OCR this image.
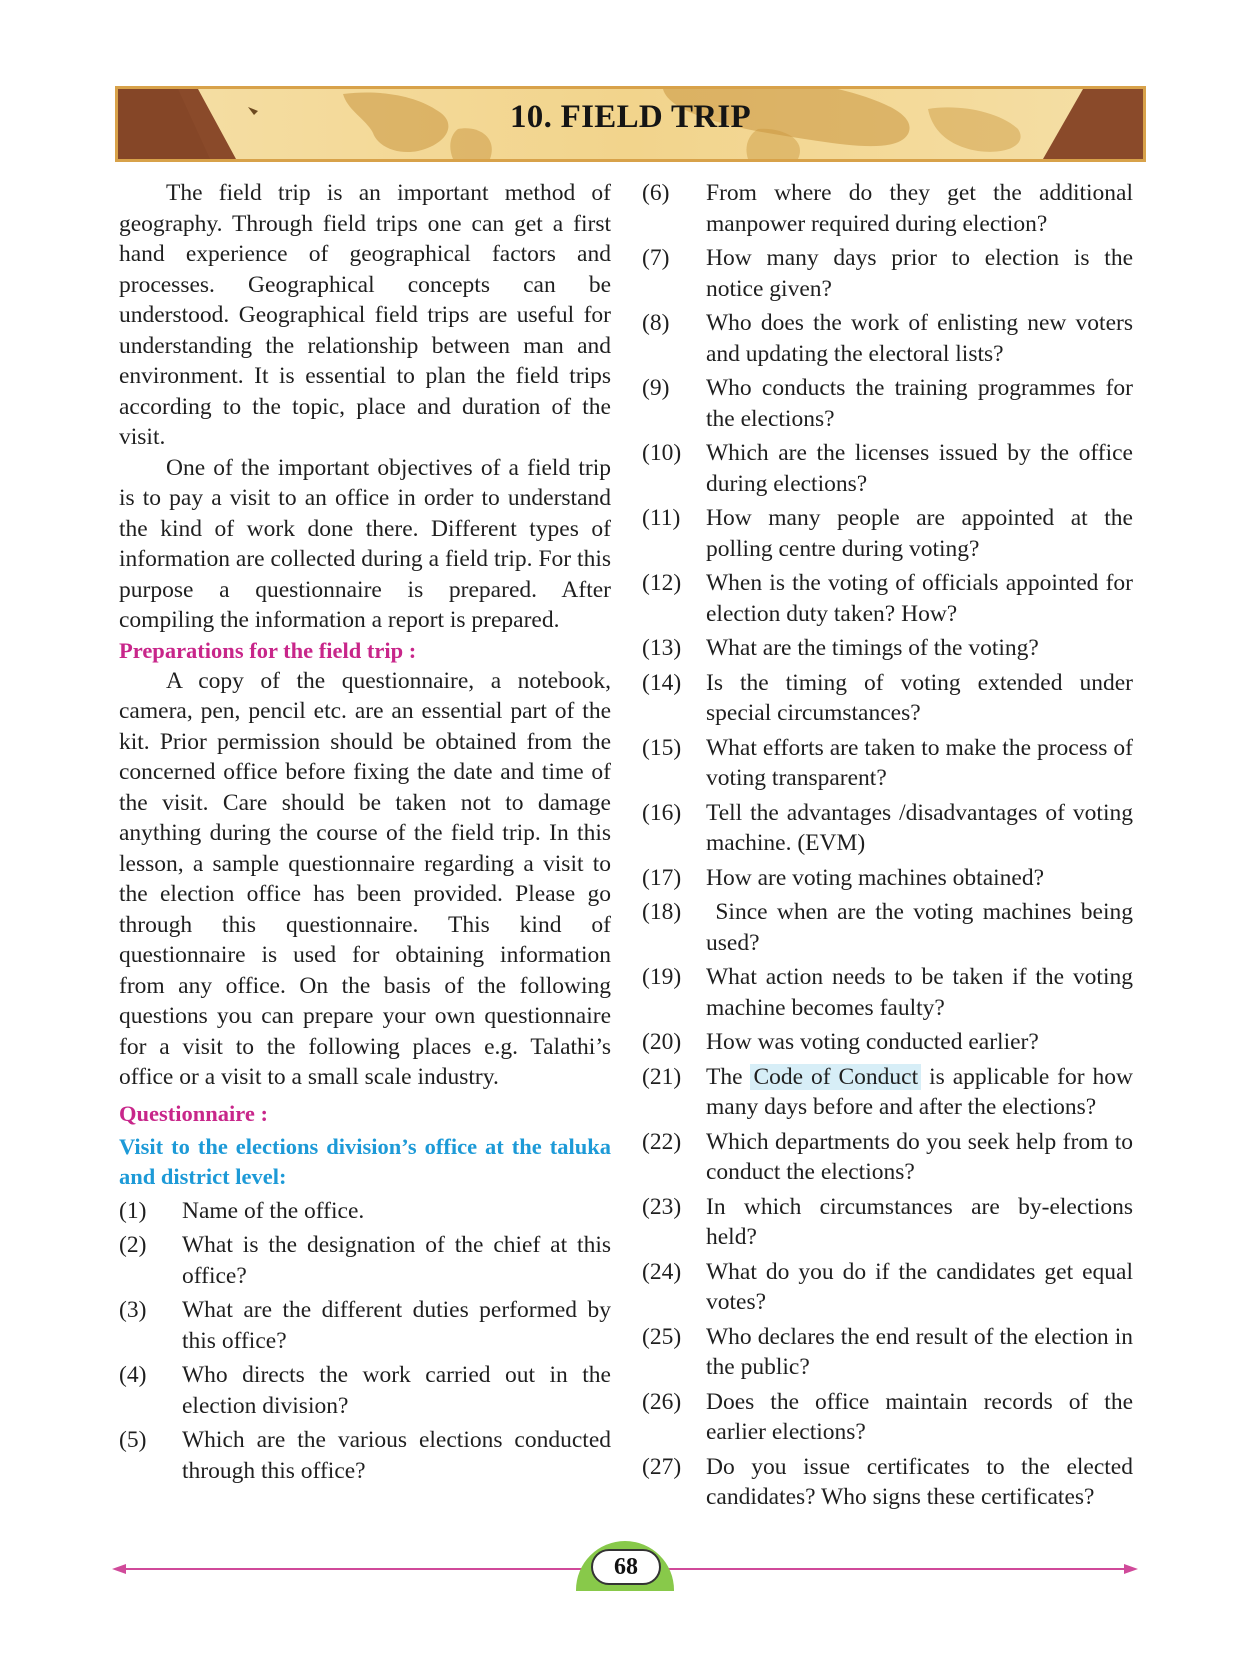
10. FIELD TRIP

The field trip is an important method of geography. Through field trips one can get a first hand experience of geographical factors and processes. Geographical concepts can be understood. Geographical field trips are useful for understanding the relationship between man and environment. It is essential to plan the field trips according to the topic, place and duration of the visit.

One of the important objectives of a field trip is to pay a visit to an office in order to understand the kind of work done there. Different types of information are collected during a field trip. For this purpose a questionnaire is prepared. After compiling the information a report is prepared.

Preparations for the field trip :

A copy of the questionnaire, a notebook, camera, pen, pencil etc. are an essential part of the kit. Prior permission should be obtained from the concerned office before fixing the date and time of the visit. Care should be taken not to damage anything during the course of the field trip. In this lesson, a sample questionnaire regarding a visit to the election office has been provided. Please go through this questionnaire. This kind of questionnaire is used for obtaining information from any office. On the basis of the following questions you can prepare your own questionnaire for a visit to the following places e.g. Talathi’s office or a visit to a small scale industry.

Questionnaire :
Visit to the elections division’s office at the taluka and district level:
(1)	Name of the office.
(2)	What is the designation of the chief at this office?
(3)	What are the different duties performed by this office?
(4)	Who directs the work carried out in the election division?
(5)	Which are the various elections conducted through this office?
(6)	From where do they get the additional manpower required during election?
(7)	How many days prior to election is the notice given?
(8)	Who does the work of enlisting new voters and updating the electoral lists?
(9)	Who conducts the training programmes for the elections?
(10)	Which are the licenses issued by the office during elections?
(11)	How many people are appointed at the polling centre during voting?
(12)	When is the voting of officials appointed for election duty taken? How?
(13)	What are the timings of the voting?
(14)	Is the timing of voting extended under special circumstances?
(15)	What efforts are taken to make the process of voting transparent?
(16)	Tell the advantages /disadvantages of voting machine. (EVM)
(17)	How are voting machines obtained?
(18)	Since when are the voting machines being used?
(19)	What action needs to be taken if the voting machine becomes faulty?
(20)	How was voting conducted earlier?
(21)	The Code of Conduct is applicable for how many days before and after the elections?
(22)	Which departments do you seek help from to conduct the elections?
(23)	In which circumstances are by-elections held?
(24)	What do you do if the candidates get equal votes?
(25)	Who declares the end result of the election in the public?
(26)	Does the office maintain records of the earlier elections?
(27)	Do you issue certificates to the elected candidates? Who signs these certificates?
68
